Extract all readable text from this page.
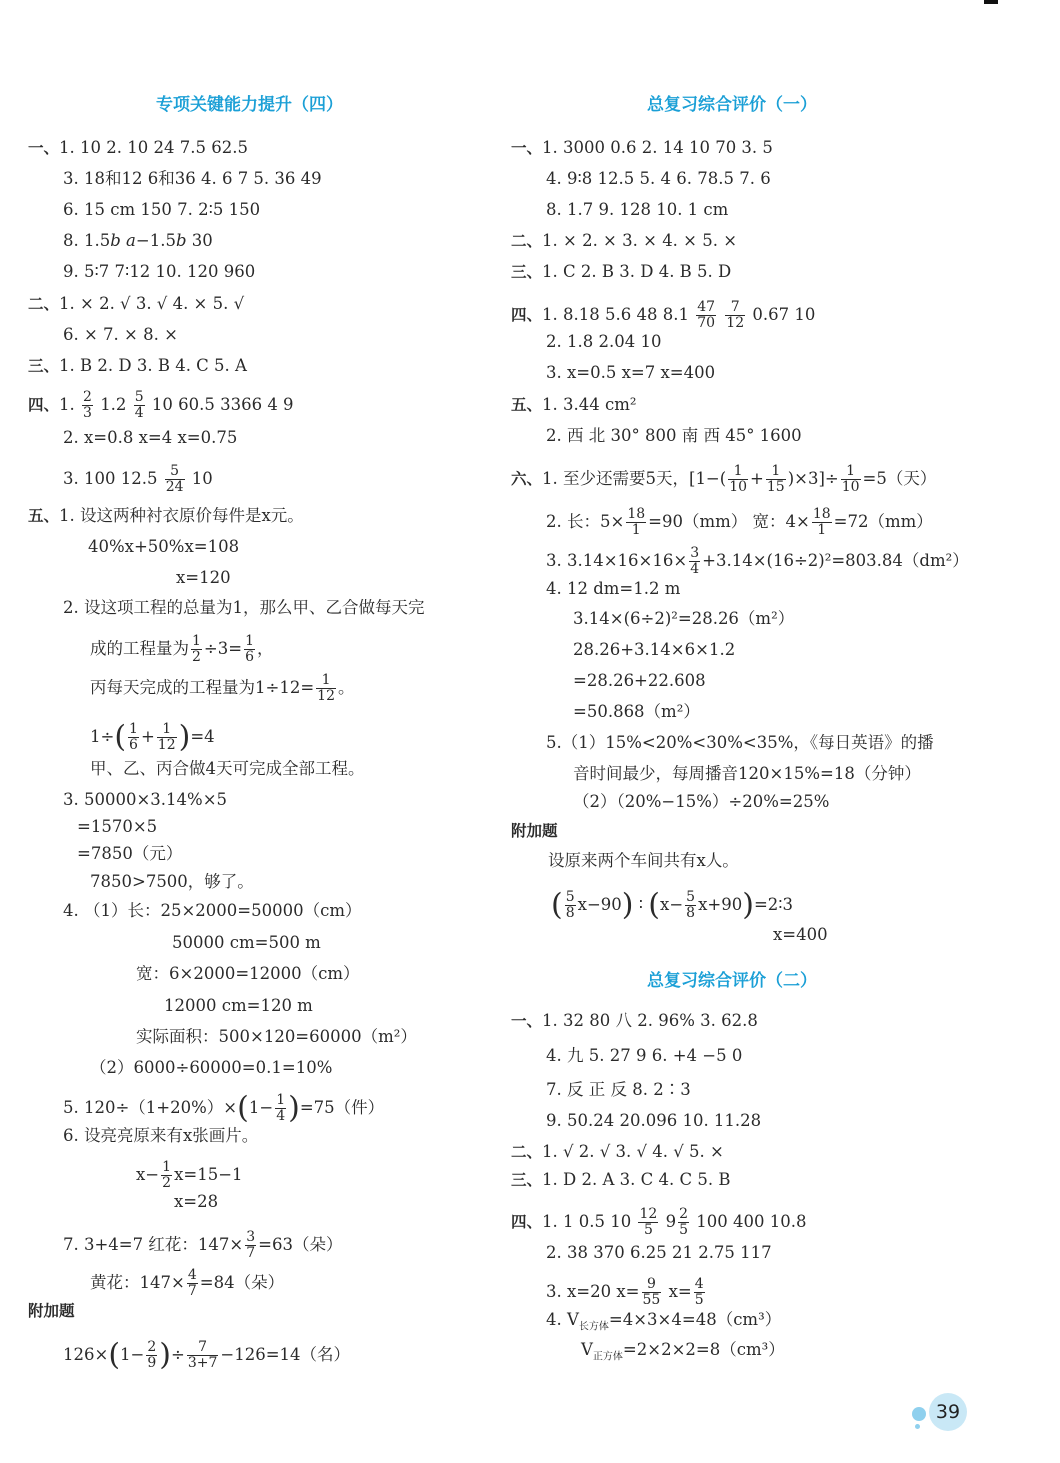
专项关键能力提升（四）
一、1. 10 2. 10 24 7.5 62.5
3. 18和12 6和36 4. 6 7 5. 36 49
6. 15 cm 150 7. 2∶5 150
8. 1.5b a−1.5b 30
9. 5∶7 7∶12 10. 120 960
二、1. × 2. √ 3. √ 4. × 5. √
6. × 7. × 8. ×
三、1. B 2. D 3. B 4. C 5. A
四、1. $\frac{2}{3} 1.2 \frac{5}{4} 10$ 60.5 3366 4 9
2. x=0.8 x=4 x=0.75
3. 100 $12.5 \frac{5}{24} 10$
五、1. 设这两种衬衣原价每件是x元。
40%x+50%x=108
x=120
2. 设这项工程的总量为1，那么甲、乙合做每天完
成的工程量为 $\frac{1}{2} \div 3= \frac{1}{6}$ ，
丙每天完成的工程量为$1\div 12= \frac{1}{12}$ 。
$1\div( \frac{1}{6} + \frac{1}{12} )=4$
甲、乙、丙合做4天可完成全部工程。
3. 50000×3.14%×5
=1570×5
=7850（元）
7850>7500，够了。
4. （1）长：25×2000=50000（cm）
50000 cm=500 m
宽：6×2000=12000（cm）
12000 cm=120 m
实际面积：500×120=60000（m²）
（2）6000÷60000=0.1=10%
5. $120\div(1+20\%)\times(1- \frac{1}{4} )=75$（件）
6. 设亮亮原来有x张画片。
$x- \frac{1}{2} x=15-1$
x=28
7. 3+4=7 红花：$147\times \frac{3}{7} =63$（朵）
黄花：$147\times \frac{4}{7} =84$（朵）
附加题
$126\times(1- \frac{2}{9}$ )÷ $\frac{7}{3+7} -126=14$（名）
总复习综合评价（一）
一、1. 3000 0.6 2. 14 10 70 3. 5
4. 9∶8 12.5 5. 4 6. 78.5 7. 6
8. 1.7 9. 128 10. 1 cm
二、1. × 2. × 3. × 4. × 5. ×
三、1. C 2. B 3. D 4. B 5. D
四、1. 8.18 5.6 48 $8.1 \frac{47}{70}$
$\frac{7}{12} 0.67$ 10
2. 1.8 2.04 10
3. x=0.5 x=7 x=400
五、1. 3.44 cm²
2. 西 北 30° 800 南 西 45° 1600
六、1. 至少还需要5天，$[1-( \frac{1}{10} + \frac{1}{15} )\times 3]\div \frac{1}{10} =5$（天）
2. 长：$5\times \frac{18}{1} =90(mm)$ 宽：$4\times \frac{18}{1} =72(mm)$
3. $3.14\times 16\times 16\times \frac{3}{4} +3.14\times(16\div 2)^2=803.84(dm^2)$
4. 12 dm=1.2 m
3.14×(6÷2)²=28.26（m²）
28.26+3.14×6×1.2
=28.26+22.608
=50.868（m²）
5.（1）15%<20%<30%<35%，《每日英语》的播
音时间最少，每周播音120×15%=18（分钟）
（2）（20%−15%）÷20%=25%
附加题
设原来两个车间共有x人。
( $\frac{5}{8} x-90$) ∶ ($x- \frac{5}{8}$ x+90)=2∶3
x=400
总复习综合评价（二）
一、1. 32 80 八 2. 96% 3. 62.8
4. 九 5. 27 9 6. +4 −5 0
7. 反 正 反 8. 2∶3
9. 50.24 20.096 10. 11.28
二、1. √ 2. √ 3. √ 4. √ 5. ×
三、1. D 2. A 3. C 4. C 5. B
四、1. 1 0.5 $10 \frac{12}{5} 9 \frac{2}{5} 100$ 400 10.8
2. 38 370 6.25 21 2.75 117
3. x=20 $x= \frac{9}{55} x= \frac{4}{5}$
4. $V_{长方体}=4\times 3\times 4=48(cm^3)$
$V_{正方体}=2\times 2\times 2=8(cm^3)$
39
